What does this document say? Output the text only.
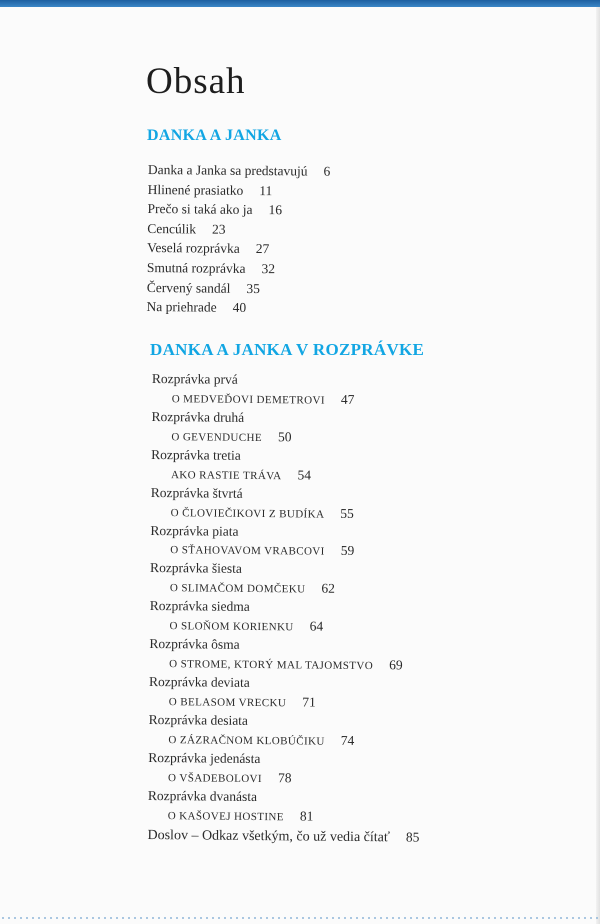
Obsah
DANKA A JANKA
Danka a Janka sa predstavujú 6
Hlinené prasiatko 11
Prečo si taká ako ja 16
Cencúlik 23
Veselá rozprávka 27
Smutná rozprávka 32
Červený sandál 35
Na priehrade 40
DANKA A JANKA V ROZPRÁVKE
Rozprávka prvá
O MEDVEĎOVI DEMETROVI 47
Rozprávka druhá
O GEVENDUCHE 50
Rozprávka tretia
AKO RASTIE TRÁVA 54
Rozprávka štvrtá
O ČLOVIEČIKOVI Z BUDÍKA 55
Rozprávka piata
O SŤAHOVAVOM VRABCOVI 59
Rozprávka šiesta
O SLIMAČOM DOMČEKU 62
Rozprávka siedma
O SLOŇOM KORIENKU 64
Rozprávka ôsma
O STROME, KTORÝ MAL TAJOMSTVO 69
Rozprávka deviata
O BELASOM VRECKU 71
Rozprávka desiata
O ZÁZRAČNOM KLOBÚČIKU 74
Rozprávka jedenásta
O VŠADEBOLOVI 78
Rozprávka dvanásta
O KAŠOVEJ HOSTINE 81
Doslov – Odkaz všetkým, čo už vedia čítať 85
